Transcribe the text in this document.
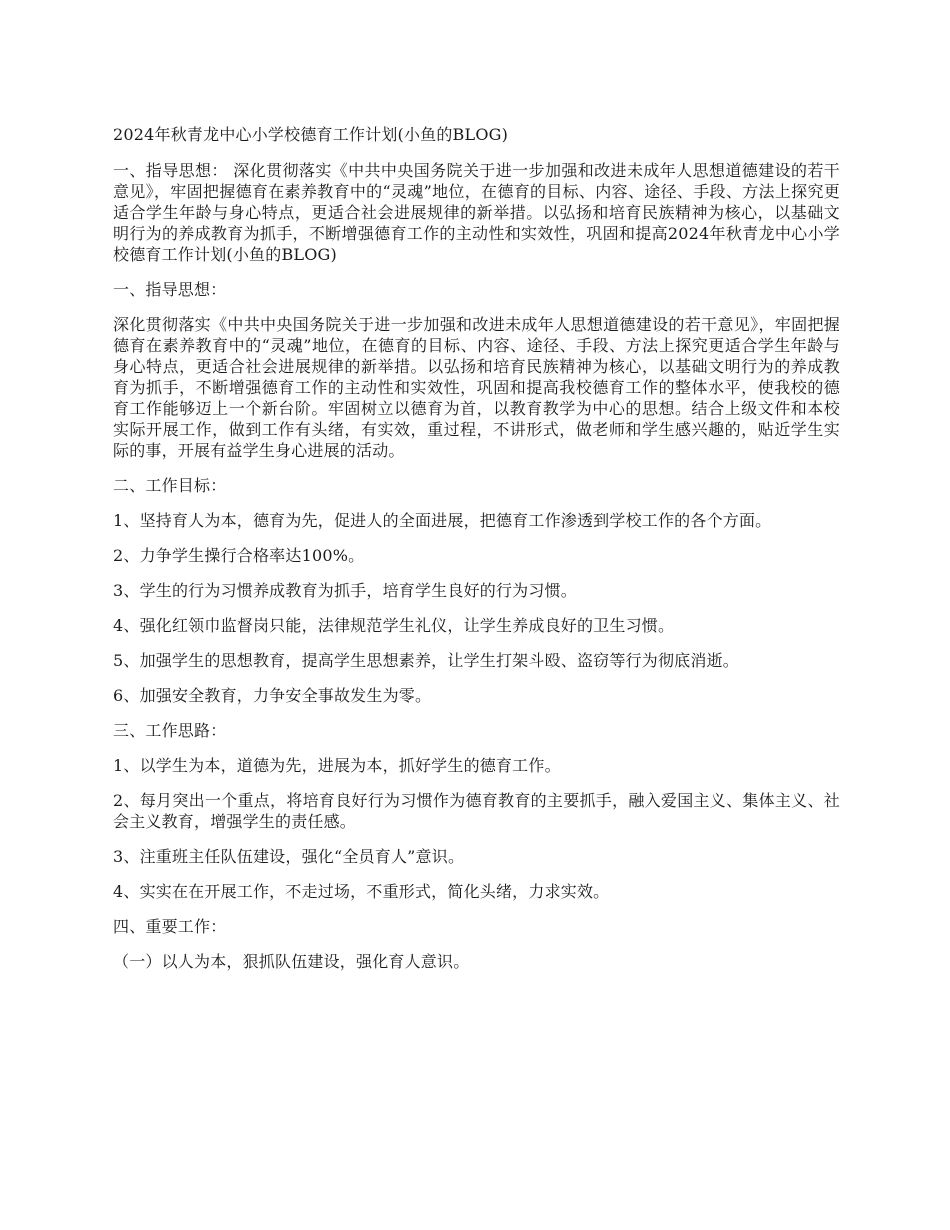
2024年秋青龙中心小学校德育工作计划(小鱼的BLOG)

一、指导思想： 深化贯彻落实《中共中央国务院关于进一步加强和改进未成年人思想道德建设的若干意见》，牢固把握德育在素养教育中的“灵魂”地位，在德育的目标、内容、途径、手段、方法上探究更适合学生年龄与身心特点，更适合社会进展规律的新举措。以弘扬和培育民族精神为核心，以基础文明行为的养成教育为抓手，不断增强德育工作的主动性和实效性，巩固和提高2024年秋青龙中心小学校德育工作计划(小鱼的BLOG)

一、指导思想：

深化贯彻落实《中共中央国务院关于进一步加强和改进未成年人思想道德建设的若干意见》，牢固把握德育在素养教育中的“灵魂”地位，在德育的目标、内容、途径、手段、方法上探究更适合学生年龄与身心特点，更适合社会进展规律的新举措。以弘扬和培育民族精神为核心，以基础文明行为的养成教育为抓手，不断增强德育工作的主动性和实效性，巩固和提高我校德育工作的整体水平，使我校的德育工作能够迈上一个新台阶。牢固树立以德育为首，以教育教学为中心的思想。结合上级文件和本校实际开展工作，做到工作有头绪，有实效，重过程，不讲形式，做老师和学生感兴趣的，贴近学生实际的事，开展有益学生身心进展的活动。

二、工作目标：

1、坚持育人为本，德育为先，促进人的全面进展，把德育工作渗透到学校工作的各个方面。

2、力争学生操行合格率达100%。

3、学生的行为习惯养成教育为抓手，培育学生良好的行为习惯。

4、强化红领巾监督岗只能，法律规范学生礼仪，让学生养成良好的卫生习惯。

5、加强学生的思想教育，提高学生思想素养，让学生打架斗殴、盗窃等行为彻底消逝。

6、加强安全教育，力争安全事故发生为零。

三、工作思路：

1、以学生为本，道德为先，进展为本，抓好学生的德育工作。

2、每月突出一个重点，将培育良好行为习惯作为德育教育的主要抓手，融入爱国主义、集体主义、社会主义教育，增强学生的责任感。

3、注重班主任队伍建设，强化“全员育人”意识。

4、实实在在开展工作，不走过场，不重形式，简化头绪，力求实效。

四、重要工作：

（一）以人为本，狠抓队伍建设，强化育人意识。
